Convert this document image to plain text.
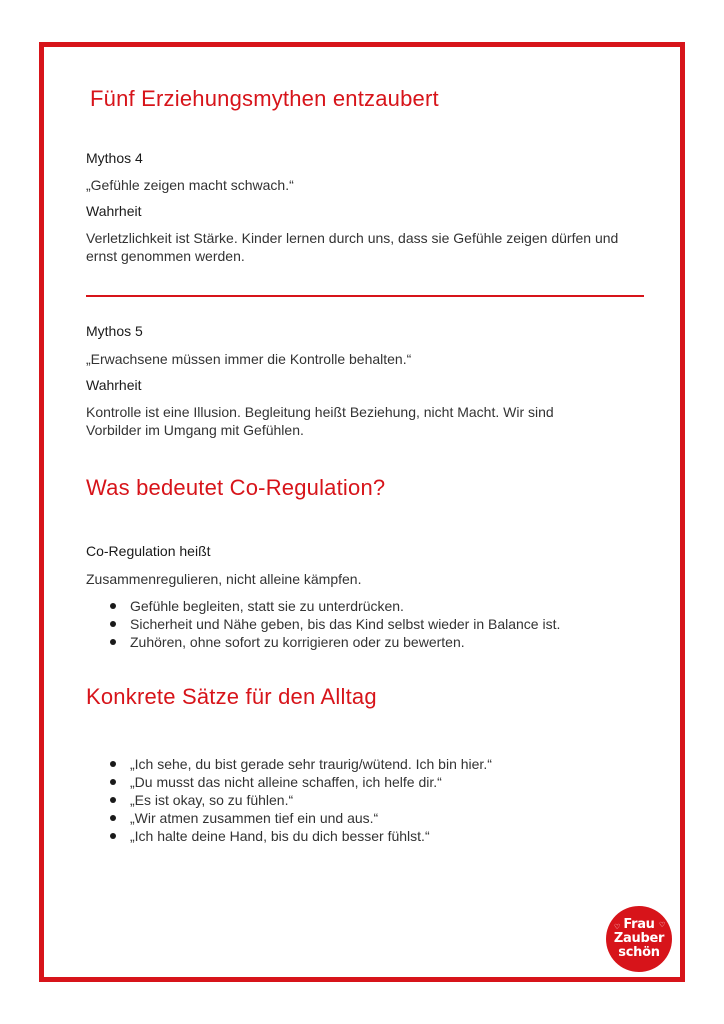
Fünf Erziehungsmythen entzaubert
Mythos 4
„Gefühle zeigen macht schwach.“
Wahrheit
Verletzlichkeit ist Stärke. Kinder lernen durch uns, dass sie Gefühle zeigen dürfen und
ernst genommen werden.
Mythos 5
„Erwachsene müssen immer die Kontrolle behalten.“
Wahrheit
Kontrolle ist eine Illusion. Begleitung heißt Beziehung, nicht Macht. Wir sind
Vorbilder im Umgang mit Gefühlen.
Was bedeutet Co-Regulation?
Co-Regulation heißt
Zusammenregulieren, nicht alleine kämpfen.
Gefühle begleiten, statt sie zu unterdrücken.
Sicherheit und Nähe geben, bis das Kind selbst wieder in Balance ist.
Zuhören, ohne sofort zu korrigieren oder zu bewerten.
Konkrete Sätze für den Alltag
„Ich sehe, du bist gerade sehr traurig/wütend. Ich bin hier.“
„Du musst das nicht alleine schaffen, ich helfe dir.“
„Es ist okay, so zu fühlen.“
„Wir atmen zusammen tief ein und aus.“
„Ich halte deine Hand, bis du dich besser fühlst.“
♡	♡
Frau
Zauber
schön
